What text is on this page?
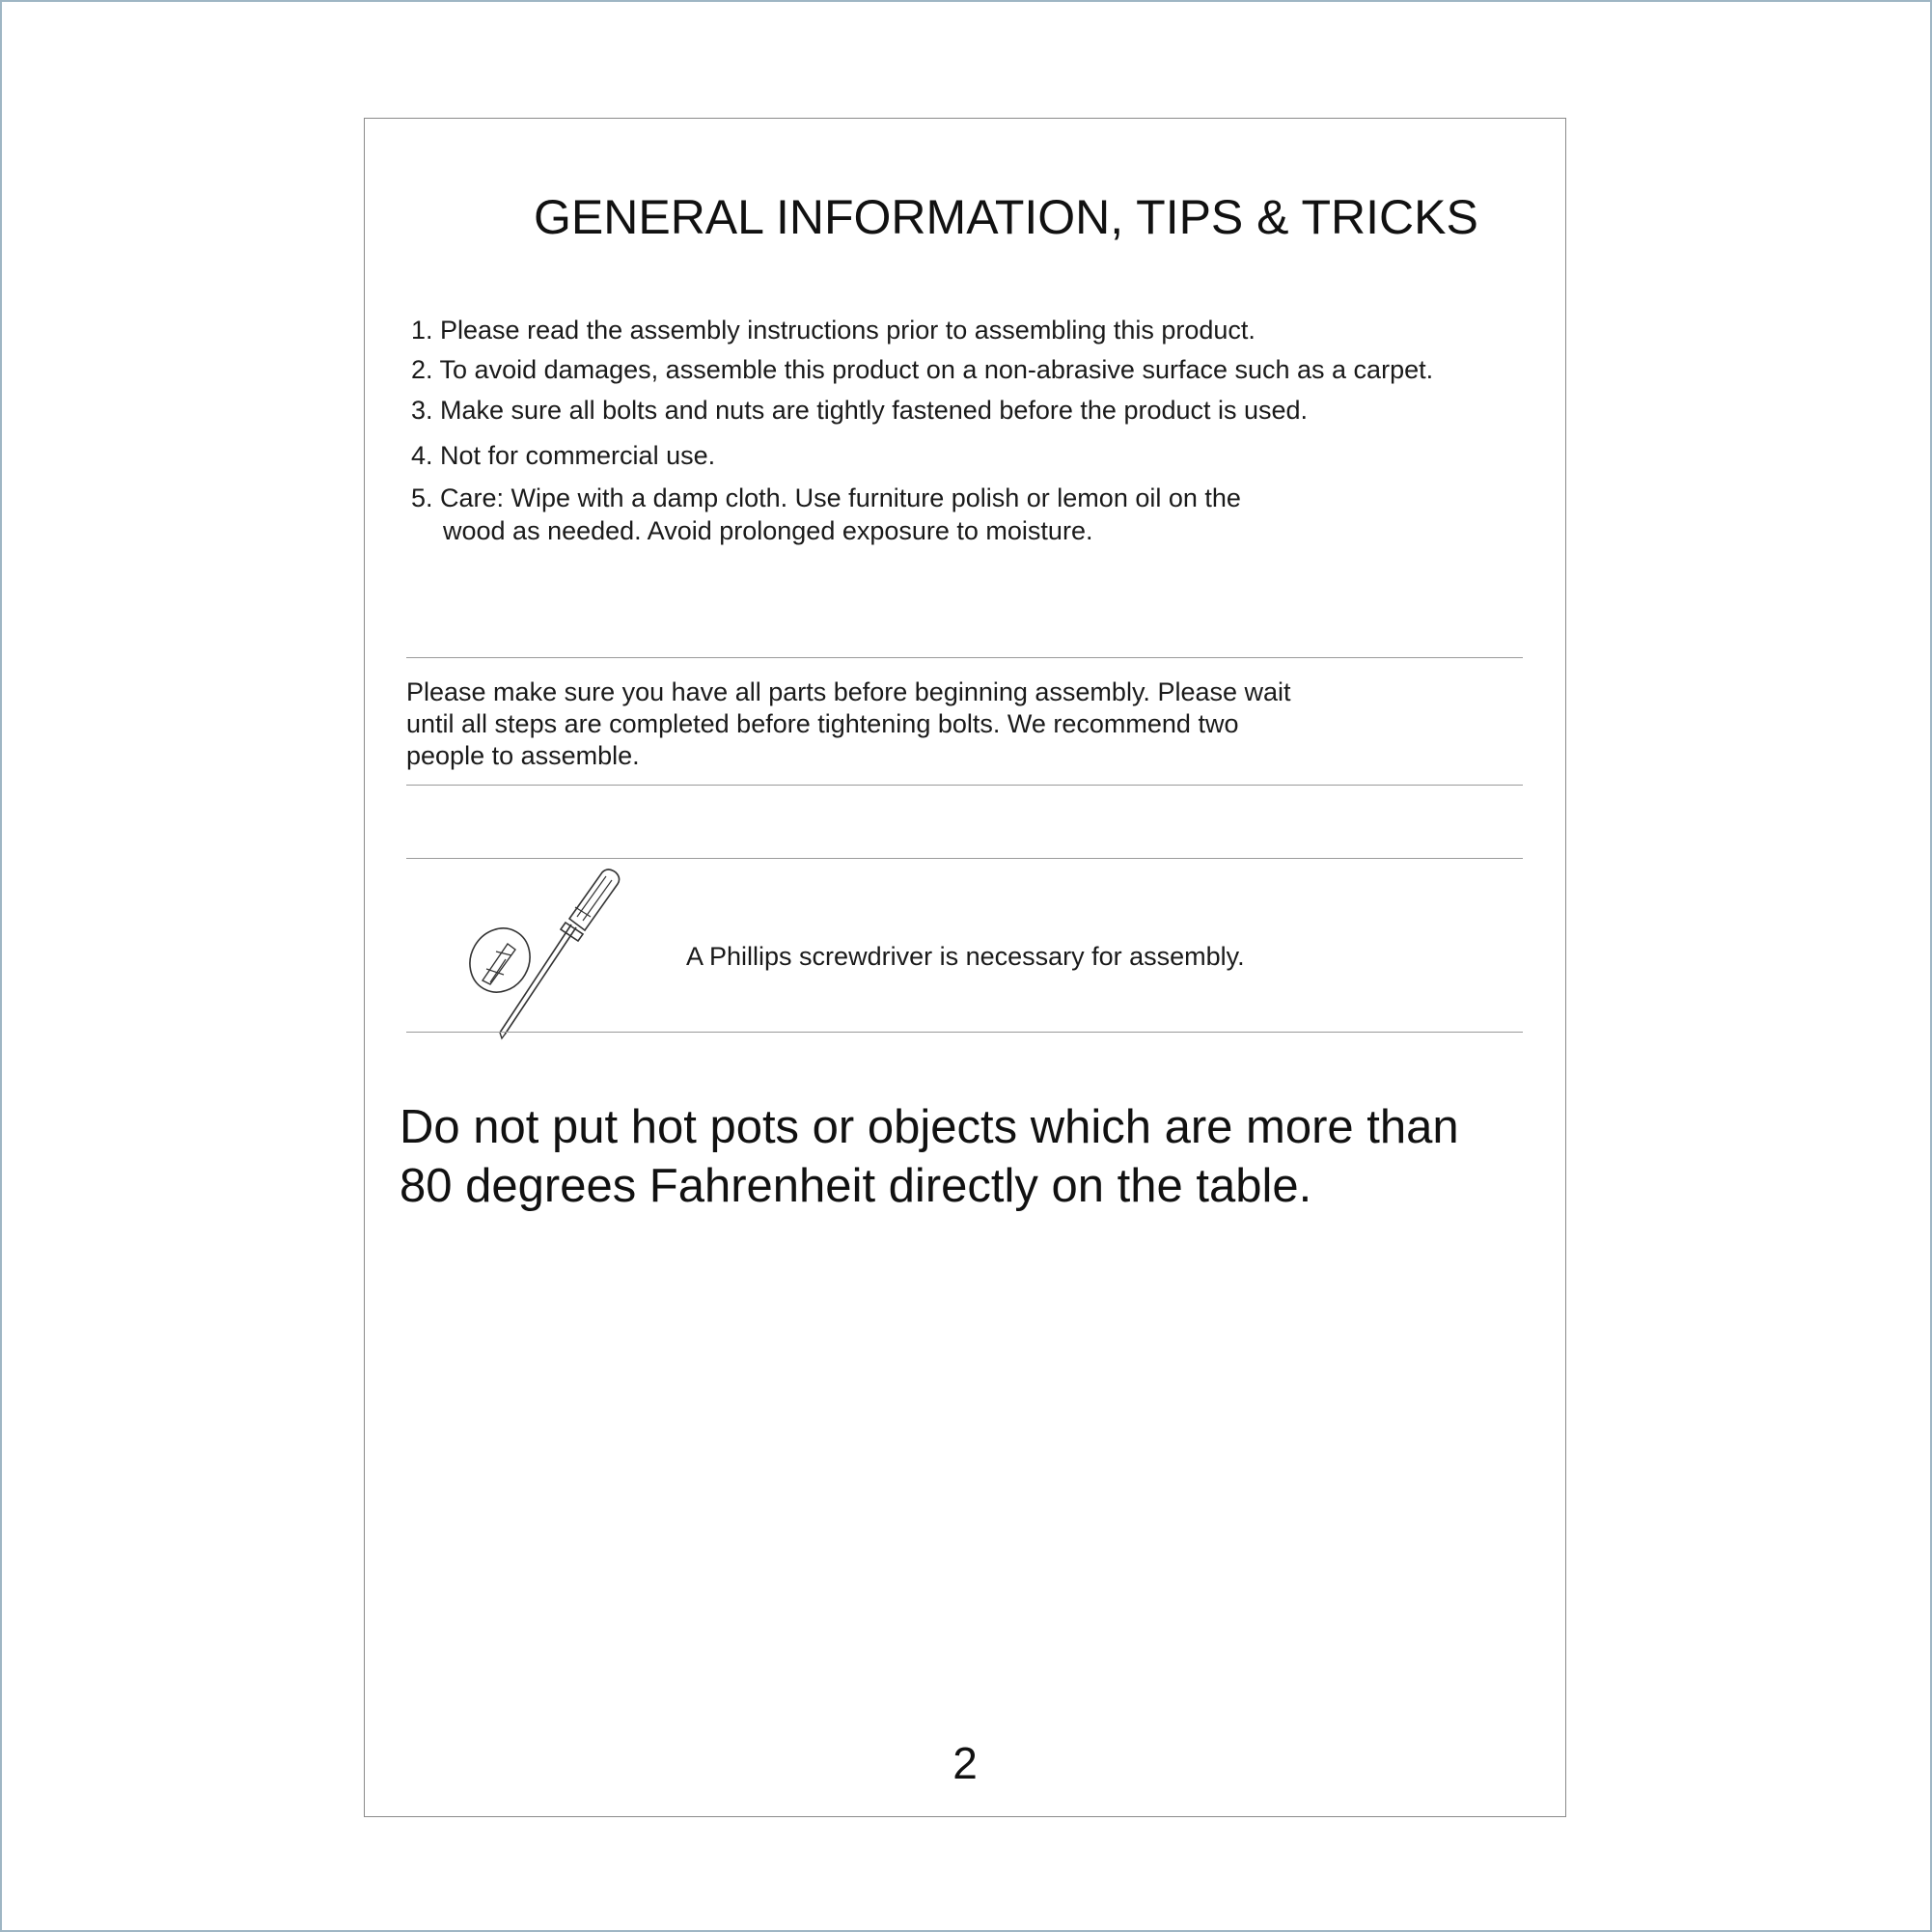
GENERAL INFORMATION, TIPS & TRICKS
1. Please read the assembly instructions prior to assembling this product.
2. To avoid damages, assemble this product on a non-abrasive surface such as a carpet.
3. Make sure all bolts and nuts are tightly fastened before the product is used.
4. Not for commercial use.
5. Care: Wipe with a damp cloth. Use furniture polish or lemon oil on the
wood as needed. Avoid prolonged exposure to moisture.
Please make sure you have all parts before beginning assembly. Please wait
until all steps are completed before tightening bolts. We recommend two
people to assemble.
A Phillips screwdriver is necessary for assembly.
Do not put hot pots or objects which are more than
80 degrees Fahrenheit directly on the table.
2
